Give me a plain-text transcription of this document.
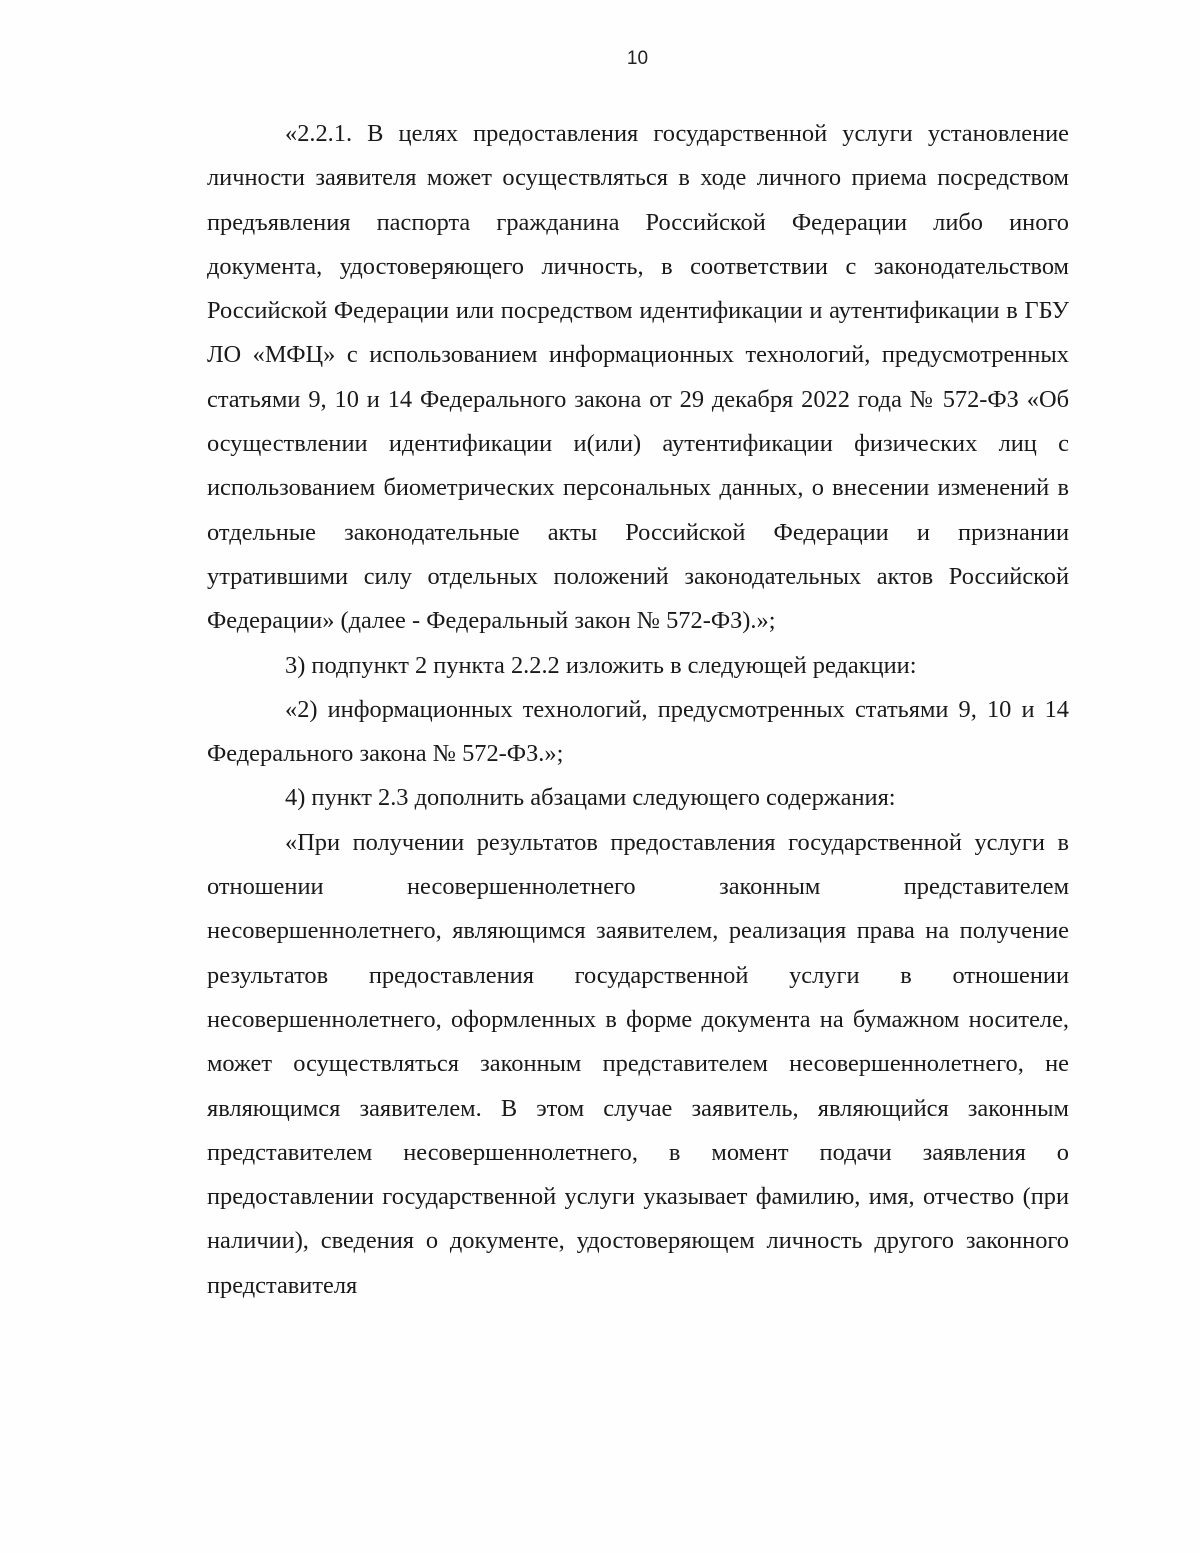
10

«2.2.1. В целях предоставления государственной услуги установление личности заявителя может осуществляться в ходе личного приема посредством предъявления паспорта гражданина Российской Федерации либо иного документа, удостоверяющего личность, в соответствии с законодательством Российской Федерации или посредством идентификации и аутентификации в ГБУ ЛО «МФЦ» с использованием информационных технологий, предусмотренных статьями 9, 10 и 14 Федерального закона от 29 декабря 2022 года № 572-ФЗ «Об осуществлении идентификации и(или) аутентификации физических лиц с использованием биометрических персональных данных, о внесении изменений в отдельные законодательные акты Российской Федерации и признании утратившими силу отдельных положений законодательных актов Российской Федерации» (далее - Федеральный закон № 572-ФЗ).»;

3) подпункт 2 пункта 2.2.2 изложить в следующей редакции:

«2) информационных технологий, предусмотренных статьями 9, 10 и 14 Федерального закона № 572-ФЗ.»;

4) пункт 2.3 дополнить абзацами следующего содержания:

«При получении результатов предоставления государственной услуги в отношении несовершеннолетнего законным представителем несовершеннолетнего, являющимся заявителем, реализация права на получение результатов предоставления государственной услуги в отношении несовершеннолетнего, оформленных в форме документа на бумажном носителе, может осуществляться законным представителем несовершеннолетнего, не являющимся заявителем. В этом случае заявитель, являющийся законным представителем несовершеннолетнего, в момент подачи заявления о предоставлении государственной услуги указывает фамилию, имя, отчество (при наличии), сведения о документе, удостоверяющем личность другого законного представителя
